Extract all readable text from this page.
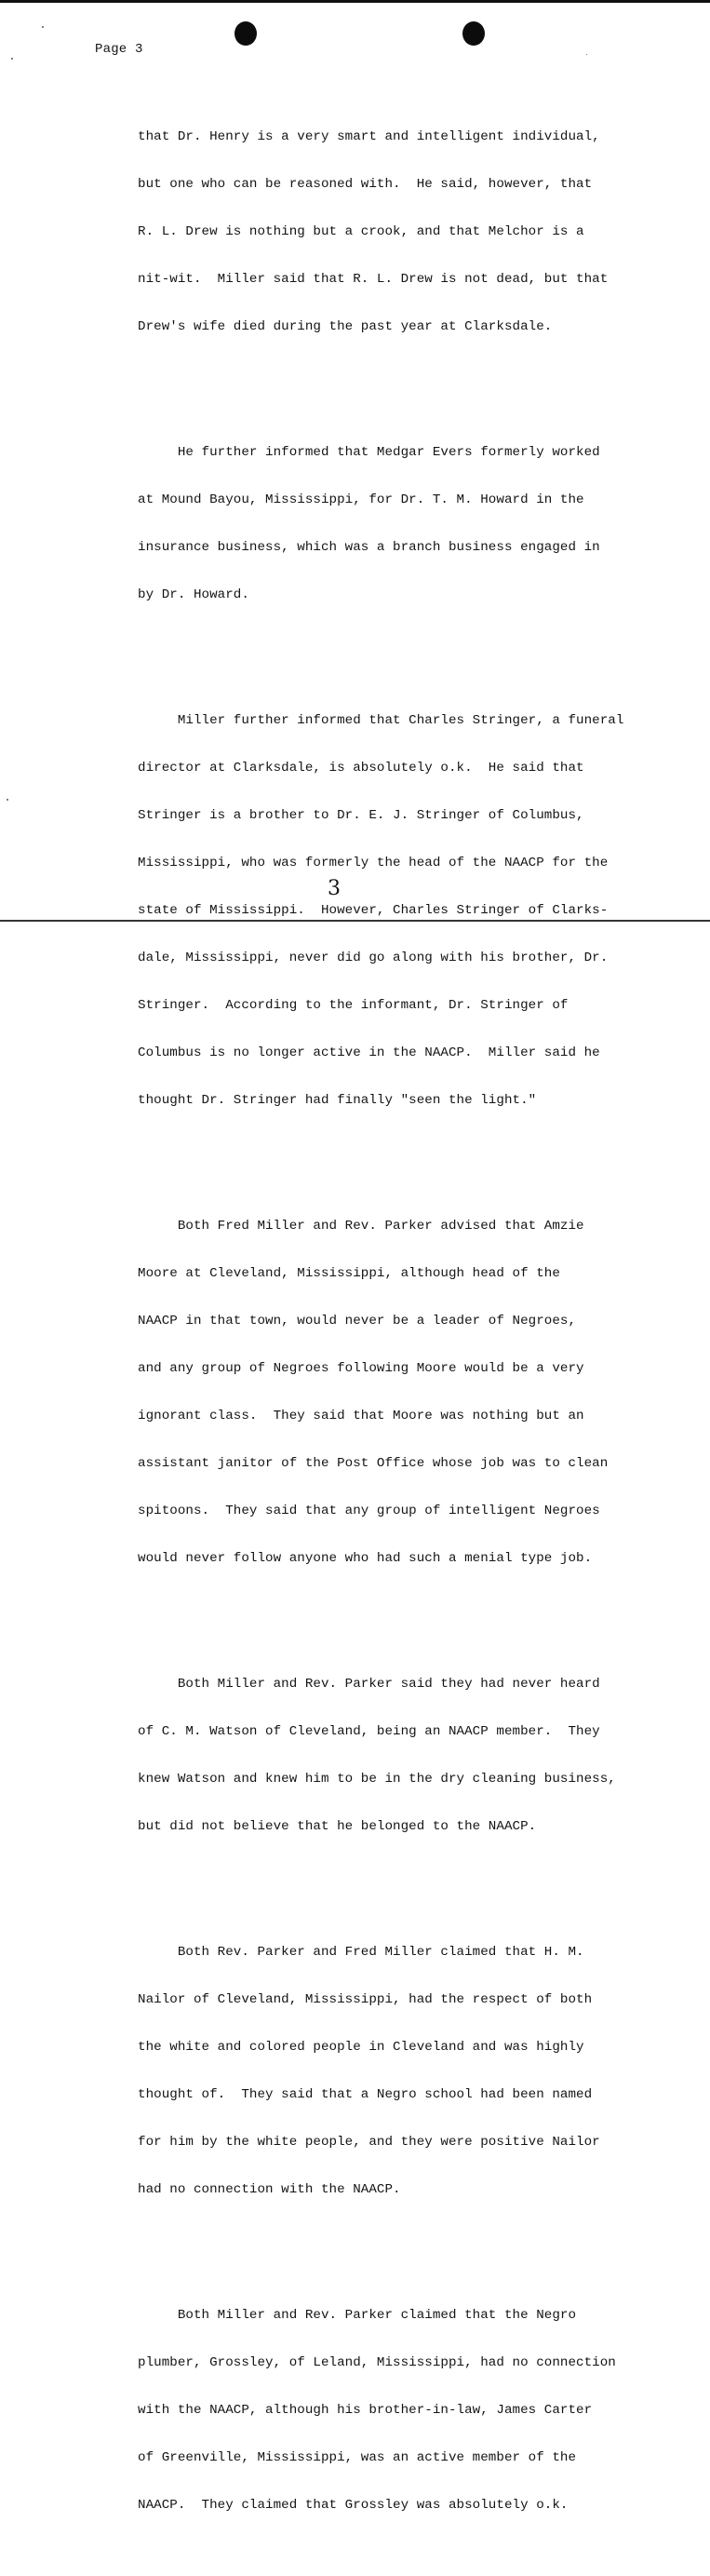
Page 3

that Dr. Henry is a very smart and intelligent individual,

but one who can be reasoned with.  He said, however, that

R. L. Drew is nothing but a crook, and that Melchor is a

nit-wit.  Miller said that R. L. Drew is not dead, but that

Drew's wife died during the past year at Clarksdale.

He further informed that Medgar Evers formerly worked

at Mound Bayou, Mississippi, for Dr. T. M. Howard in the

insurance business, which was a branch business engaged in

by Dr. Howard.

Miller further informed that Charles Stringer, a funeral

director at Clarksdale, is absolutely o.k.  He said that

Stringer is a brother to Dr. E. J. Stringer of Columbus,

Mississippi, who was formerly the head of the NAACP for the

state of Mississippi.  However, Charles Stringer of Clarks-

dale, Mississippi, never did go along with his brother, Dr.

Stringer.  According to the informant, Dr. Stringer of

Columbus is no longer active in the NAACP.  Miller said he

thought Dr. Stringer had finally "seen the light."

Both Fred Miller and Rev. Parker advised that Amzie

Moore at Cleveland, Mississippi, although head of the

NAACP in that town, would never be a leader of Negroes,

and any group of Negroes following Moore would be a very

ignorant class.  They said that Moore was nothing but an

assistant janitor of the Post Office whose job was to clean

spitoons.  They said that any group of intelligent Negroes

would never follow anyone who had such a menial type job.

Both Miller and Rev. Parker said they had never heard

of C. M. Watson of Cleveland, being an NAACP member.  They

knew Watson and knew him to be in the dry cleaning business,

but did not believe that he belonged to the NAACP.

Both Rev. Parker and Fred Miller claimed that H. M.

Nailor of Cleveland, Mississippi, had the respect of both

the white and colored people in Cleveland and was highly

thought of.  They said that a Negro school had been named

for him by the white people, and they were positive Nailor

had no connection with the NAACP.

Both Miller and Rev. Parker claimed that the Negro

plumber, Grossley, of Leland, Mississippi, had no connection

with the NAACP, although his brother-in-law, James Carter

of Greenville, Mississippi, was an active member of the

NAACP.  They claimed that Grossley was absolutely o.k.

3
